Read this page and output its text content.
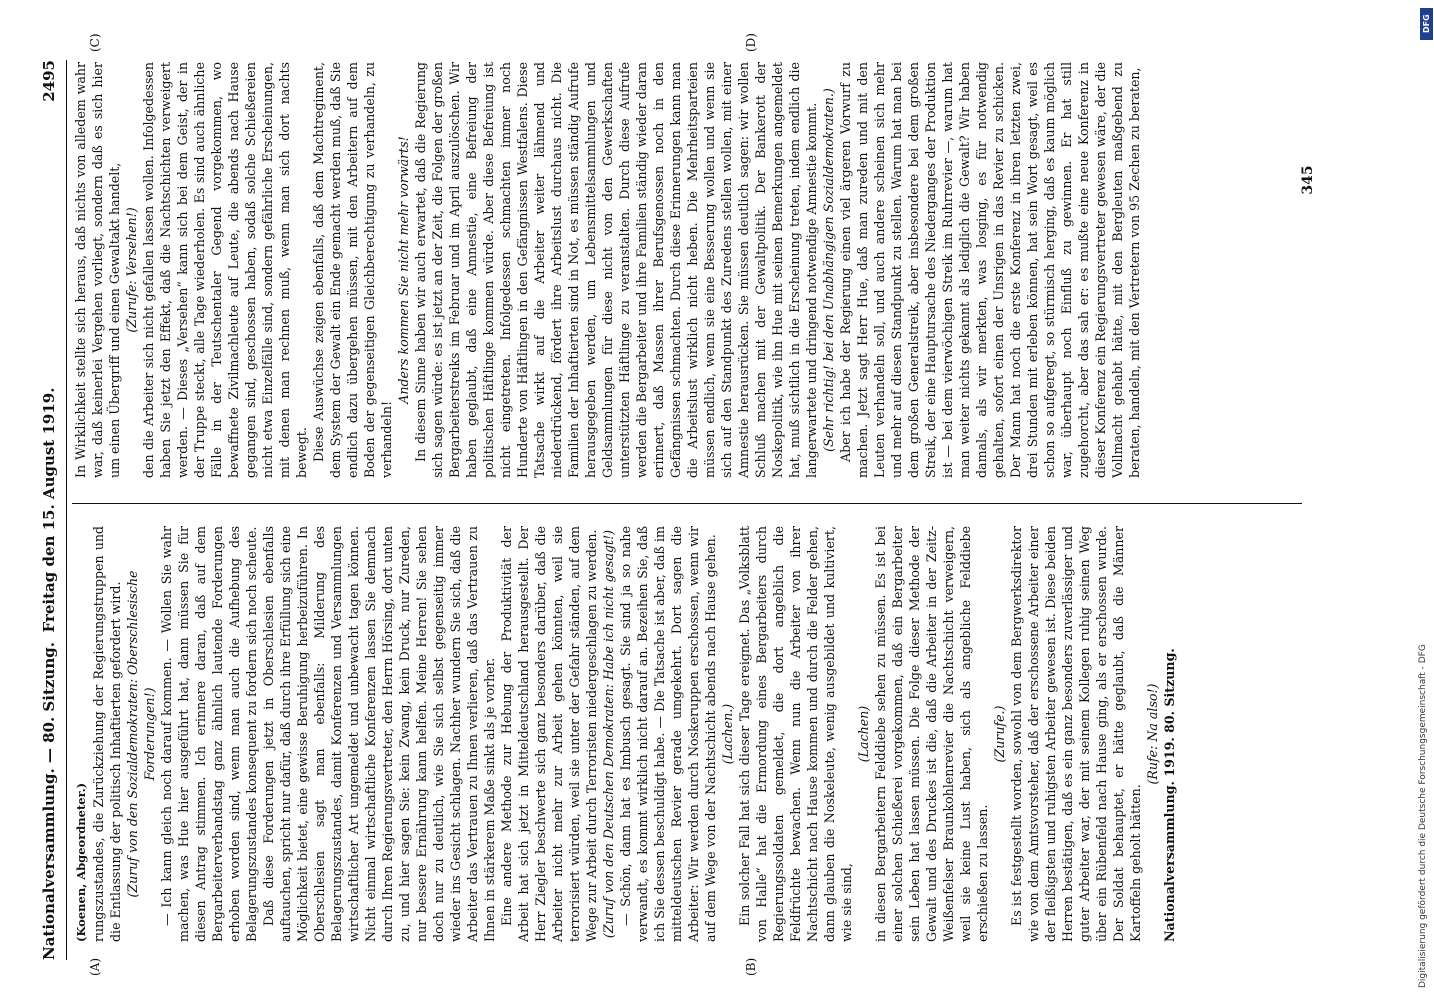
Nationalversammlung. — 80. Sitzung.
Freitag den 15. August 1919.
2495
(A)	(B)
(C)	(D)

(Koenen, Abgeordneter.) rungszustandes, die Zurückziehung der Regierungstruppen und die Entlassung der politisch Inhaftierten gefordert wird. (Zuruf von den Sozialdemokraten: Oberschlesische Forderungen!) — Ich kann gleich noch darauf kommen. — Wollen Sie wahr machen, was Hue hier ausgeführt hat, dann müssen Sie für diesen Antrag stimmen. Ich erinnere daran, daß auf dem Bergarbeiterverbandstag ganz ähnlich lautende Forderungen erhoben worden sind, wenn man auch die Aufhebung des Belagerungszustandes konsequent zu fordern sich noch scheute. Daß diese Forderungen jetzt in Oberschlesien ebenfalls auftauchen, spricht nur dafür, daß durch ihre Erfüllung sich eine Möglichkeit bietet, eine gewisse Beruhigung herbeizuführen. In Oberschlesien sagt man ebenfalls: Milderung des Belagerungszustandes, damit Konferenzen und Versammlungen wirtschaftlicher Art ungemeldet und unbewacht tagen können. Nicht einmal wirtschaftliche Konferenzen lassen Sie demnach durch Ihren Regierungsvertreter, den Herrn Hörsing, dort unten zu, und hier sagen Sie: kein Zwang, kein Druck, nur Zureden, nur bessere Ernährung kann helfen. Meine Herren! Sie sehen doch nur zu deutlich, wie Sie sich selbst gegenseitig immer wieder ins Gesicht schlagen. Nachher wundern Sie sich, daß die Arbeiter das Vertrauen zu Ihnen verlieren, daß das Vertrauen zu Ihnen in stärkerem Maße sinkt als je vorher. Eine andere Methode zur Hebung der Produktivität der Arbeit hat sich jetzt in Mitteldeutschland herausgestellt. Der Herr Ziegler beschwerte sich ganz besonders darüber, daß die Arbeiter nicht mehr zur Arbeit gehen könnten, weil sie terrorisiert würden, weil sie unter der Gefahr ständen, auf dem Wege zur Arbeit durch Terroristen niedergeschlagen zu werden. (Zuruf von den Deutschen Demokraten: Habe ich nicht gesagt!) — Schön, dann hat es Imbusch gesagt. Sie sind ja so nahe verwandt, es kommt wirklich nicht darauf an. Bezeihen Sie, daß ich Sie dessen beschuldigt habe. — Die Tatsache ist aber, daß im mitteldeutschen Revier gerade umgekehrt. Dort sagen die Arbeiter: Wir werden durch Noskeruppen erschossen, wenn wir auf dem Wege von der Nachtschicht abends nach Hause gehen. (Lachen.) Ein solcher Fall hat sich dieser Tage ereignet. Das „Volksblatt von Halle“ hat die Ermordung eines Bergarbeiters durch Regierungssoldaten gemeldet, die dort angeblich die Feldfrüchte bewachen. Wenn nun die Arbeiter von ihrer Nachtschicht nach Hause kommen und durch die Felder gehen, dann glauben die Noskeleute, wenig ausgebildet und kultiviert, wie sie sind,

(Lachen) in diesen Bergarbeitern Felddiebe sehen zu müssen. Es ist bei einer solchen Schießerei vorgekommen, daß ein Bergarbeiter sein Leben hat lassen müssen. Die Folge dieser Methode der Gewalt und des Druckes ist die, daß die Arbeiter in der Zeitz-Weißenfelser Braunkohlenrevier die Nachtschicht verweigern, weil sie keine Lust haben, sich als angebliche Felddiebe erschießen zu lassen.

(Zurufe.) Es ist festgestellt worden, sowohl von dem Bergwerksdirektor wie von dem Amtsvorsteher, daß der erschossene Arbeiter einer der fleißigsten und ruhigsten Arbeiter gewesen ist. Diese beiden Herren bestätigen, daß es ein ganz besonders zuverlässiger und guter Arbeiter war, der mit seinem Kollegen ruhig seinen Weg über ein Rübenfeld nach Hause ging, als er erschossen wurde. Der Soldat behauptet, er hätte geglaubt, daß die Männer Kartoffeln geholt hätten.

(Rufe: Na also!) Nationalversammlung. 1919. 80. Sitzung.

In Wirklichkeit stellte sich heraus, daß nichts von alledem wahr war, daß keinerlei Vergehen vorliegt, sondern daß es sich hier um einen Übergriff und einen Gewaltakt handelt, (Zurufe: Versehen!) den die Arbeiter sich nicht gefallen lassen wollen. Infolgedessen haben Sie jetzt den Effekt, daß die Nachtschichten verweigert werden. — Dieses „Versehen“ kann sich bei dem Geist, der in der Truppe steckt, alle Tage wiederholen. Es sind auch ähnliche Fälle in der Teutschentaler Gegend vorgekommen, wo bewaffnete Zivilmachleute auf Leute, die abends nach Hause gegangen sind, geschossen haben, sodaß solche Schießereien nicht etwa Einzelfälle sind, sondern gefährliche Erscheinungen, mit denen man rechnen muß, wenn man sich dort nachts bewegt. Diese Auswüchse zeigen ebenfalls, daß dem Machtregiment, dem System der Gewalt ein Ende gemacht werden muß, daß Sie endlich dazu übergehen müssen, mit den Arbeitern auf dem Boden der gegenseitigen Gleichberechtigung zu verhandeln, zu verhandeln!

Anders kommen Sie nicht mehr vorwärts! In diesem Sinne haben wir auch erwartet, daß die Regierung sich sagen würde: es ist jetzt an der Zeit, die Folgen der großen Bergarbeiterstreiks im Februar und im April auszulöschen. Wir haben geglaubt, daß eine Amnestie, eine Befreiung der politischen Häftlinge kommen würde. Aber diese Befreiung ist nicht eingetreten. Infolgedessen schmachten immer noch Hunderte von Häftlingen in den Gefängnissen Westfalens. Diese Tatsache wirkt auf die Arbeiter weiter lähmend und niederdrückend, fördert ihre Arbeitslust durchaus nicht. Die Familien der Inhaftierten sind in Not, es müssen ständig Aufrufe herausgegeben werden, um Lebensmittelsammlungen und Geldsammlungen für diese nicht von den Gewerkschaften unterstützten Häftlinge zu veranstalten. Durch diese Aufrufe werden die Bergarbeiter und ihre Familien ständig wieder daran erinnert, daß Massen ihrer Berufsgenossen noch in den Gefängnissen schmachten. Durch diese Erinnerungen kann man die Arbeitslust wirklich nicht heben. Die Mehrheitsparteien müssen endlich, wenn sie eine Besserung wollen und wenn sie sich auf den Standpunkt des Zuredens stellen wollen, mit einer Amnestie herausrücken. Sie müssen deutlich sagen: wir wollen Schluß machen mit der Gewaltpolitik. Der Bankerott der Noskepolitik, wie ihn Hue mit seinen Bemerkungen angemeldet hat, muß sichtlich in die Erscheinung treten, indem endlich die langerwartete und dringend notwendige Amnestie kommt. (Sehr richtig! bei den Unabhängigen Sozialdemokraten.) Aber ich habe der Regierung einen viel ärgeren Vorwurf zu machen. Jetzt sagt Herr Hue, daß man zureden und mit den Leuten verhandeln soll, und auch andere scheinen sich mehr und mehr auf diesen Standpunkt zu stellen. Warum hat man bei dem großen Generalstreik, aber insbesondere bei dem großen Streik, der eine Hauptursache des Niederganges der Produktion ist — bei dem vierwöchigen Streik im Ruhrrevier —, warum hat man weiter nichts gekannt als lediglich die Gewalt? Wir haben damals, als wir merkten, was losging, es für notwendig gehalten, sofort einen der Unsrigen in das Revier zu schicken. Der Mann hat noch die erste Konferenz in ihren letzten zwei, drei Stunden mit erleben können, hat sein Wort gesagt, weil es schon so aufgeregt, so stürmisch herging, daß es kaum möglich war, überhaupt noch Einfluß zu gewinnen. Er hat still zugehorcht, aber das sah er: es mußte eine neue Konferenz in dieser Konferenz ein Regierungsvertreter gewesen wäre, der die Vollmacht gehabt hätte, mit den Bergleuten maßgebend zu beraten, handeln, mit den Vertretern von 95 Zechen zu beraten,	345
DFG
Digitalisierung gefördert durch die Deutsche Forschungsgemeinschaft - DFG
